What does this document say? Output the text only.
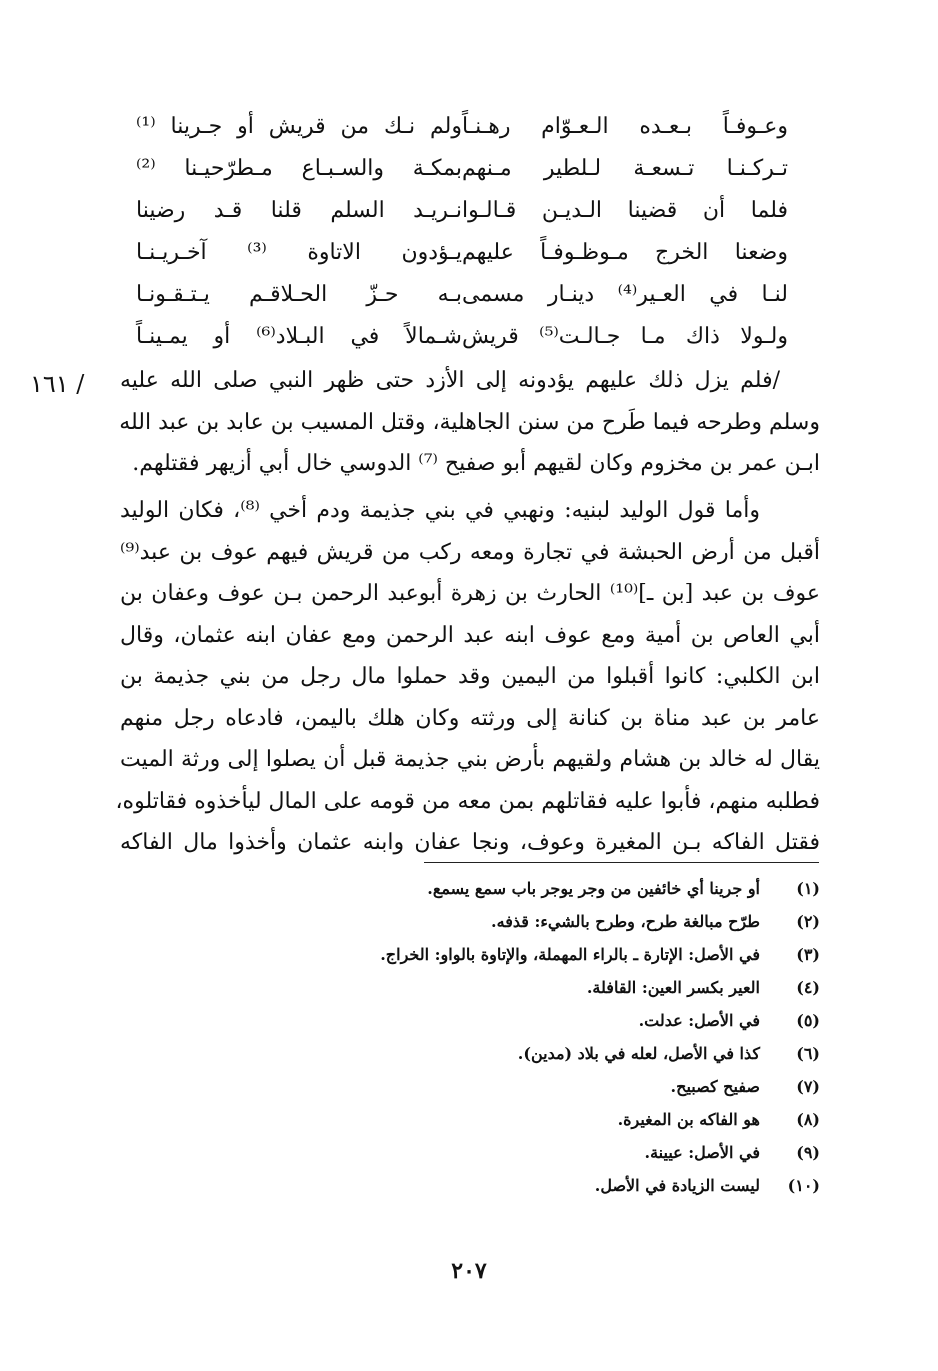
وعـوفـاً بـعـده الـعـوّام رهـنـاً
ولم نـك من قريش أو جـرينا ⁽¹⁾
تـركـنـا تـسعـة لـلطير مـنهم
بمكـة والسـبـاع مـطرّحيـنا ⁽²⁾
فلما أن قضينا الـديـن قـالـوا
نـريـد السلم قلنا قـد رضينا
وضعنا الخرج مـوظـوفـاً عليهم
يـؤدون الاتاوة ⁽³⁾ آخـريـنـا
لنـا في العـير⁽⁴⁾ دينـار مسمى
بـه حـزّ الحـلاقـم يـتـقـونـا
ولـولا ذاك مـا جـالـت⁽⁵⁾ قريش
شـمالاً في البـلاد⁽⁶⁾ أو يمـينـاً
/ ١٦١	/فلم يزل ذلك عليهم يؤدونه إلى الأزد حتى ظهر النبي صلى الله عليه
وسلم وطرحه فيما طَرح من سنن الجاهلية، وقتل المسيب بن عابد بن عبد الله
ابـن عمر بن مخزوم وكان لقيهم أبو صفيح ⁽⁷⁾ الدوسي خال أبي أزيهر فقتلهم.
وأما قول الوليد لبنيه: ونهبي في بني جذيمة ودم أخي ⁽⁸⁾، فكان الوليد
أقبل من أرض الحبشة في تجارة ومعه ركب من قريش فيهم عوف بن عبد⁽⁹⁾
عوف بن عبد [بن ـ]⁽¹⁰⁾ الحارث بن زهرة أبوعبد الرحمن بـن عوف وعفان بن
أبي العاص بن أمية ومع عوف ابنه عبد الرحمن ومع عفان ابنه عثمان، وقال
ابن الكلبي: كانوا أقبلوا من اليمين وقد حملوا مال رجل من بني جذيمة بن
عامر بن عبد مناة بن كنانة إلى ورثته وكان هلك باليمن، فادعاه رجل منهم
يقال له خالد بن هشام ولقيهم بأرض بني جذيمة قبل أن يصلوا إلى ورثة الميت
فطلبه منهم، فأبوا عليه فقاتلهم بمن معه من قومه على المال ليأخذوه فقاتلوه،
فقتل الفاكه بـن المغيرة وعوف، ونجا عفان وابنه عثمان وأخذوا مال الفاكه
(١)
أو جرينا أي خائفين من وجر يوجر باب سمع يسمع.
(٢)
طرّح مبالغة طرح، وطرح بالشيء: قذفه.
(٣)
في الأصل: الإتارة ـ بالراء المهملة، والإتاوة بالواو: الخراج.
(٤)
العير بكسر العين: القافلة.
(٥)
في الأصل: عدلت.
(٦)
كذا في الأصل، لعله في بلاد (مدين).
(٧)
صفيح كصبيح.
(٨)
هو الفاكه بن المغيرة.
(٩)
في الأصل: عيينة.
(١٠)
ليست الزيادة في الأصل.
٢٠٧
